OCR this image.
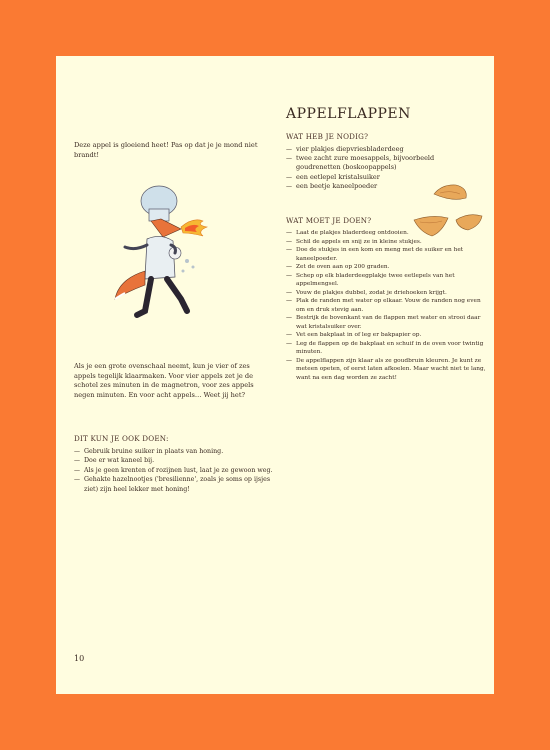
APPELFLAPPEN
Deze appel is gloeiend heet! Pas op dat je je mond niet brandt!
Als je een grote ovenschaal neemt, kun je vier of zes appels tegelijk klaarmaken. Voor vier appels zet je de schotel zes minuten in de magnetron, voor zes appels negen minuten. En voor acht appels… Weet jij het?
DIT KUN JE OOK DOEN:
— Gebruik bruine suiker in plaats van honing.
— Doe er wat kaneel bij.
— Als je geen krenten of rozijnen lust, laat je ze gewoon weg.
— Gehakte hazelnootjes ('bresilienne', zoals je soms op ijsjes ziet) zijn heel lekker met honing!
WAT HEB JE NODIG?
— vier plakjes diepvriesbladerdeeg
— twee zacht zure moesappels, bijvoorbeeld goudrenetten (boskoopappels)
— een eetlepel kristalsuiker
— een beetje kaneelpoeder
WAT MOET JE DOEN?
— Laat de plakjes bladerdeeg ontdooien.
— Schil de appels en snij ze in kleine stukjes.
— Doe de stukjes in een kom en meng met de suiker en het kaneelpoeder.
— Zet de oven aan op 200 graden.
— Schep op elk bladerdeegplakje twee eetlepels van het appelmengsel.
— Vouw de plakjes dubbel, zodat je driehoeken krijgt.
— Plak de randen met water op elkaar. Vouw de randen nog even om en druk stevig aan.
— Bestrijk de bovenkant van de flappen met water en strooi daar wat kristalsuiker over.
— Vet een bakplaat in of leg er bakpapier op.
— Leg de flappen op de bakplaat en schuif in de oven voor twintig minuten.
— De appelflappen zijn klaar als ze goudbruin kleuren. Je kunt ze meteen opeten, of eerst laten afkoelen. Maar wacht niet te lang, want na een dag worden ze zacht!
10
